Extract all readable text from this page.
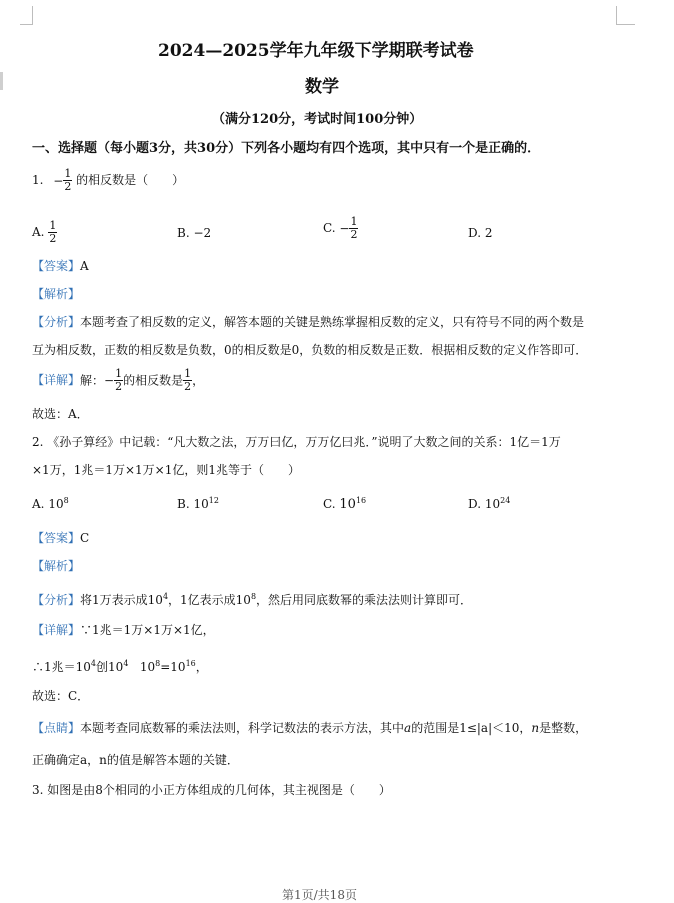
2024—2025学年九年级下学期联考试卷
数学
（满分120分，考试时间100分钟）
一、选择题（每小题3分，共30分）下列各小题均有四个选项，其中只有一个是正确的．
1. − $\frac{1}{2}$ 的相反数是（　　）
A. $\frac{1}{2}$	B. −2	C. − $\frac{1}{2}$	D. 2
【答案】A
【解析】
【分析】本题考查了相反数的定义，解答本题的关键是熟练掌握相反数的定义，只有符号不同的两个数是
互为相反数，正数的相反数是负数，0的相反数是0，负数的相反数是正数．根据相反数的定义作答即可．
【详解】解：− $\frac{1}{2}$ 的相反数是 $\frac{1}{2}$ ，
故选：A．
2. 《孙子算经》中记载：“凡大数之法，万万曰亿，万万亿曰兆．”说明了大数之间的关系：1亿＝1万
×1万，1兆＝1万×1万×1亿，则1兆等于（　　）
A. $10^8$	B. $10^{12}$	C. $10^{16}$	D. $10^{24}$
【答案】C
【解析】
【分析】将1万表示成$10^4$，1亿表示成$10^8$，然后用同底数幂的乘法法则计算即可．
【详解】∵1兆＝1万×1万×1亿，
∴1兆$=10^4$创$10^4$ $10^8=10^{16}$，
故选：C．
【点睛】本题考查同底数幂的乘法法则，科学记数法的表示方法，其中a的范围是1≤|a|＜10，n是整数，
正确确定a，n的值是解答本题的关键．
3. 如图是由8个相同的小正方体组成的几何体，其主视图是（　　）
第1页/共18页
